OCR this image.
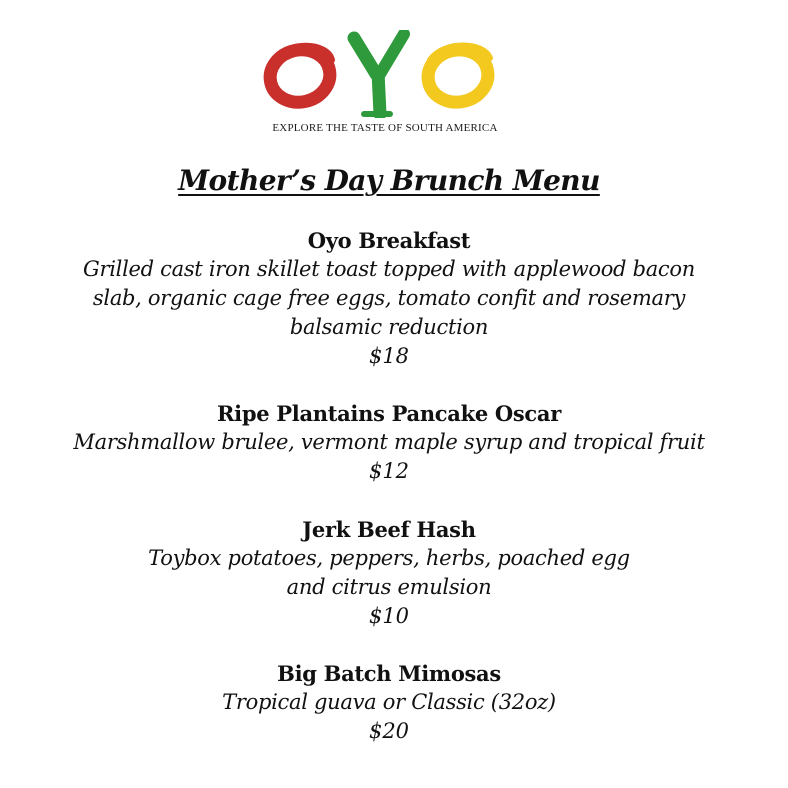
EXPLORE THE TASTE OF SOUTH AMERICA
Mother’s Day Brunch Menu
Oyo Breakfast
Grilled cast iron skillet toast topped with applewood bacon
slab, organic cage free eggs, tomato confit and rosemary
balsamic reduction
$18
Ripe Plantains Pancake Oscar
Marshmallow brulee, vermont maple syrup and tropical fruit
$12
Jerk Beef Hash
Toybox potatoes, peppers, herbs, poached egg
and citrus emulsion
$10
Big Batch Mimosas
Tropical guava or Classic (32oz)
$20
